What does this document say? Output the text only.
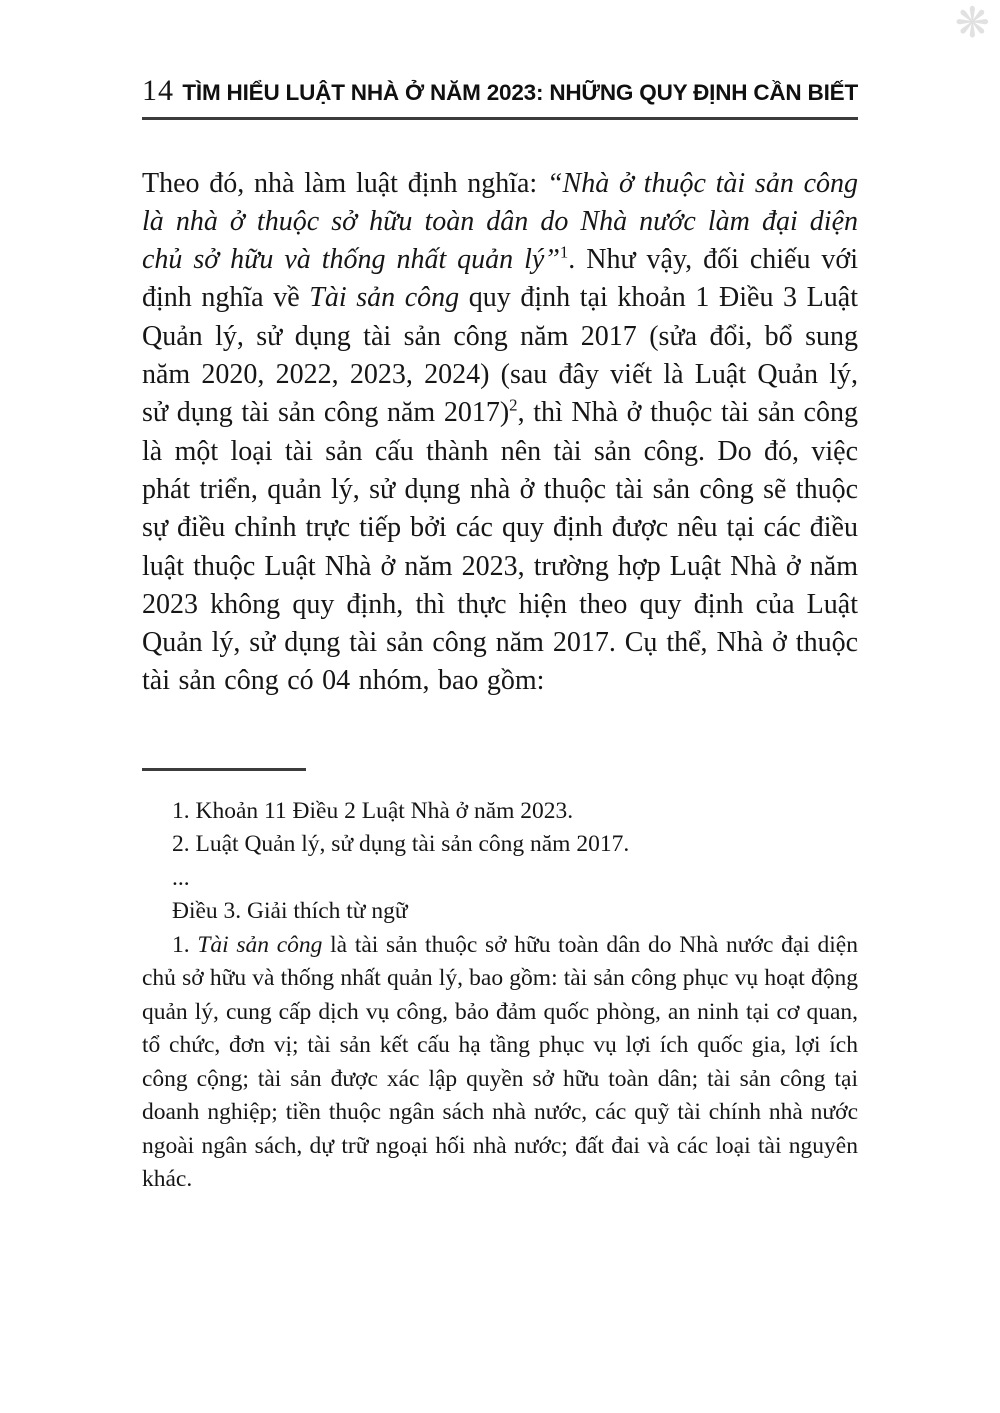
❋
14 TÌM HIỂU LUẬT NHÀ Ở NĂM 2023: NHỮNG QUY ĐỊNH CẦN BIẾT
Theo đó, nhà làm luật định nghĩa: “Nhà ở thuộc tài sản công là nhà ở thuộc sở hữu toàn dân do Nhà nước làm đại diện chủ sở hữu và thống nhất quản lý”$^1$. Như vậy, đối chiếu với định nghĩa về Tài sản công quy định tại khoản 1 Điều 3 Luật Quản lý, sử dụng tài sản công năm 2017 (sửa đổi, bổ sung năm 2020, 2022, 2023, 2024) (sau đây viết là Luật Quản lý, sử dụng tài sản công năm 2017)$^2$, thì Nhà ở thuộc tài sản công là một loại tài sản cấu thành nên tài sản công. Do đó, việc phát triển, quản lý, sử dụng nhà ở thuộc tài sản công sẽ thuộc sự điều chỉnh trực tiếp bởi các quy định được nêu tại các điều luật thuộc Luật Nhà ở năm 2023, trường hợp Luật Nhà ở năm 2023 không quy định, thì thực hiện theo quy định của Luật Quản lý, sử dụng tài sản công năm 2017. Cụ thể, Nhà ở thuộc tài sản công có 04 nhóm, bao gồm:

1. Khoản 11 Điều 2 Luật Nhà ở năm 2023.

2. Luật Quản lý, sử dụng tài sản công năm 2017.

...

Điều 3. Giải thích từ ngữ

1. Tài sản công là tài sản thuộc sở hữu toàn dân do Nhà nước đại diện chủ sở hữu và thống nhất quản lý, bao gồm: tài sản công phục vụ hoạt động quản lý, cung cấp dịch vụ công, bảo đảm quốc phòng, an ninh tại cơ quan, tổ chức, đơn vị; tài sản kết cấu hạ tầng phục vụ lợi ích quốc gia, lợi ích công cộng; tài sản được xác lập quyền sở hữu toàn dân; tài sản công tại doanh nghiệp; tiền thuộc ngân sách nhà nước, các quỹ tài chính nhà nước ngoài ngân sách, dự trữ ngoại hối nhà nước; đất đai và các loại tài nguyên khác.
